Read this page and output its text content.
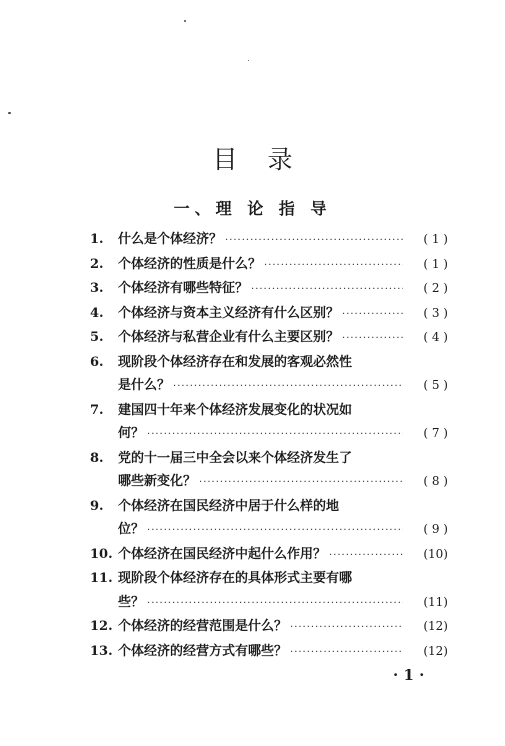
目 录
一、理 论 指 导
1.	什么是个体经济？ ·····	( 1 )
2.	个体经济的性质是什么？ ·····	( 1 )
3.	个体经济有哪些特征？ ·····	( 2 )
4.	个体经济与资本主义经济有什么区别？ ·····	( 3 )
5.	个体经济与私营企业有什么主要区别？ ·····	( 4 )
6.	现阶段个体经济存在和发展的客观必然性
是什么？ ·····	( 5 )
7.	建国四十年来个体经济发展变化的状况如
何？ ·····	( 7 )
8.	党的十一届三中全会以来个体经济发生了
哪些新变化？ ·····	( 8 )
9.	个体经济在国民经济中居于什么样的地
位？ ·····	( 9 )
10. 个体经济在国民经济中起什么作用？ ·····	(10)
11. 现阶段个体经济存在的具体形式主要有哪
些？ ·····	(11)
12. 个体经济的经营范围是什么？ ·····	(12)
13. 个体经济的经营方式有哪些？ ·····	(12)
· 1 ·
